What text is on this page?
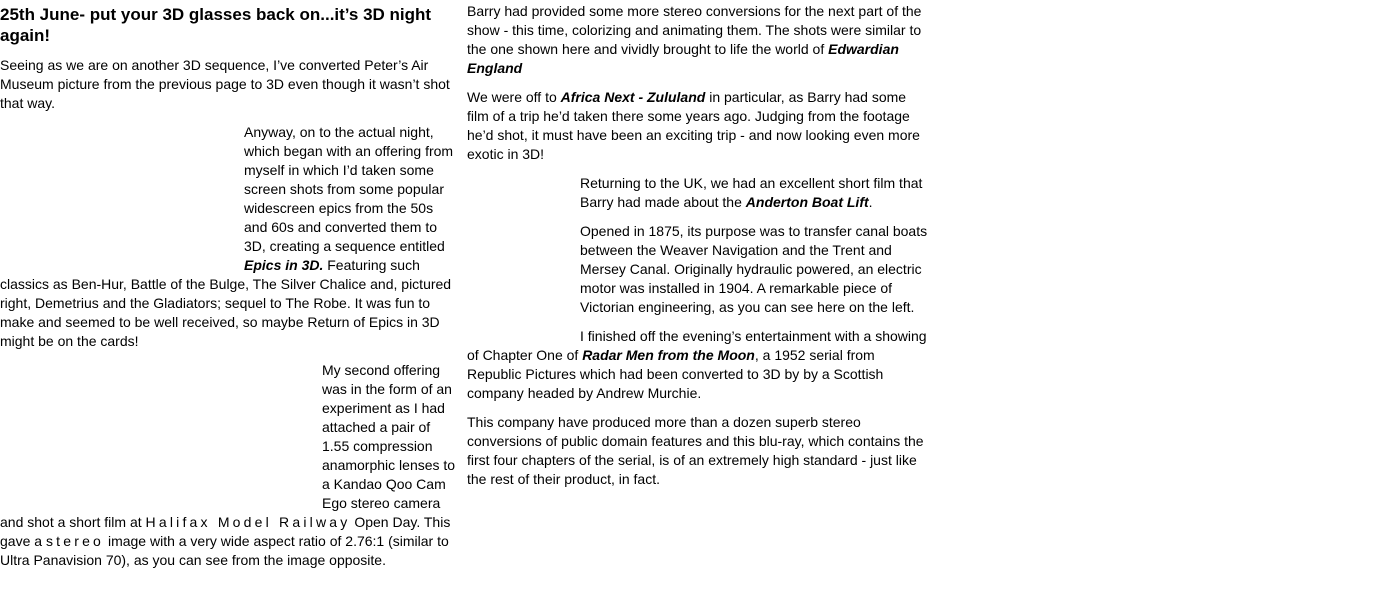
25th June- put your 3D glasses back on...it’s 3D night again!

Seeing as we are on another 3D sequence, I’ve converted Peter’s Air Museum picture from the previous page to 3D even though it wasn’t shot that way.

Anyway, on to the actual night, which began with an offering from myself in which I’d taken some screen shots from some popular widescreen epics from the 50s and 60s and converted them to 3D, creating a sequence entitled Epics in 3D. Featuring such classics as Ben-Hur, Battle of the Bulge, The Silver Chalice and, pictured right, Demetrius and the Gladiators; sequel to The Robe. It was fun to make and seemed to be well received, so maybe Return of Epics in 3D might be on the cards!

My second offering was in the form of an experiment as I had attached a pair of 1.55 compression anamorphic lenses to a Kandao Qoo Cam Ego stereo camera and shot a short film at Halifax Model Railway Open Day. This gave a stereo image with a very wide aspect ratio of 2.76:1 (similar to Ultra Panavision 70), as you can see from the image opposite.

Barry had provided some more stereo conversions for the next part of the show - this time, colorizing and animating them. The shots were similar to the one shown here and vividly brought to life the world of Edwardian England

We were off to Africa Next - Zululand in particular, as Barry had some film of a trip he’d taken there some years ago. Judging from the footage he’d shot, it must have been an exciting trip - and now looking even more exotic in 3D!

Returning to the UK, we had an excellent short film that Barry had made about the Anderton Boat Lift.

Opened in 1875, its purpose was to transfer canal boats between the Weaver Navigation and the Trent and Mersey Canal. Originally hydraulic powered, an electric motor was installed in 1904. A remarkable piece of Victorian engineering, as you can see here on the left.

I finished off the evening’s entertainment with a showing of Chapter One of Radar Men from the Moon, a 1952 serial from Republic Pictures which had been converted to 3D by by a Scottish company headed by Andrew Murchie.

This company have produced more than a dozen superb stereo conversions of public domain features and this blu-ray, which contains the first four chapters of the serial, is of an extremely high standard - just like the rest of their product, in fact.
